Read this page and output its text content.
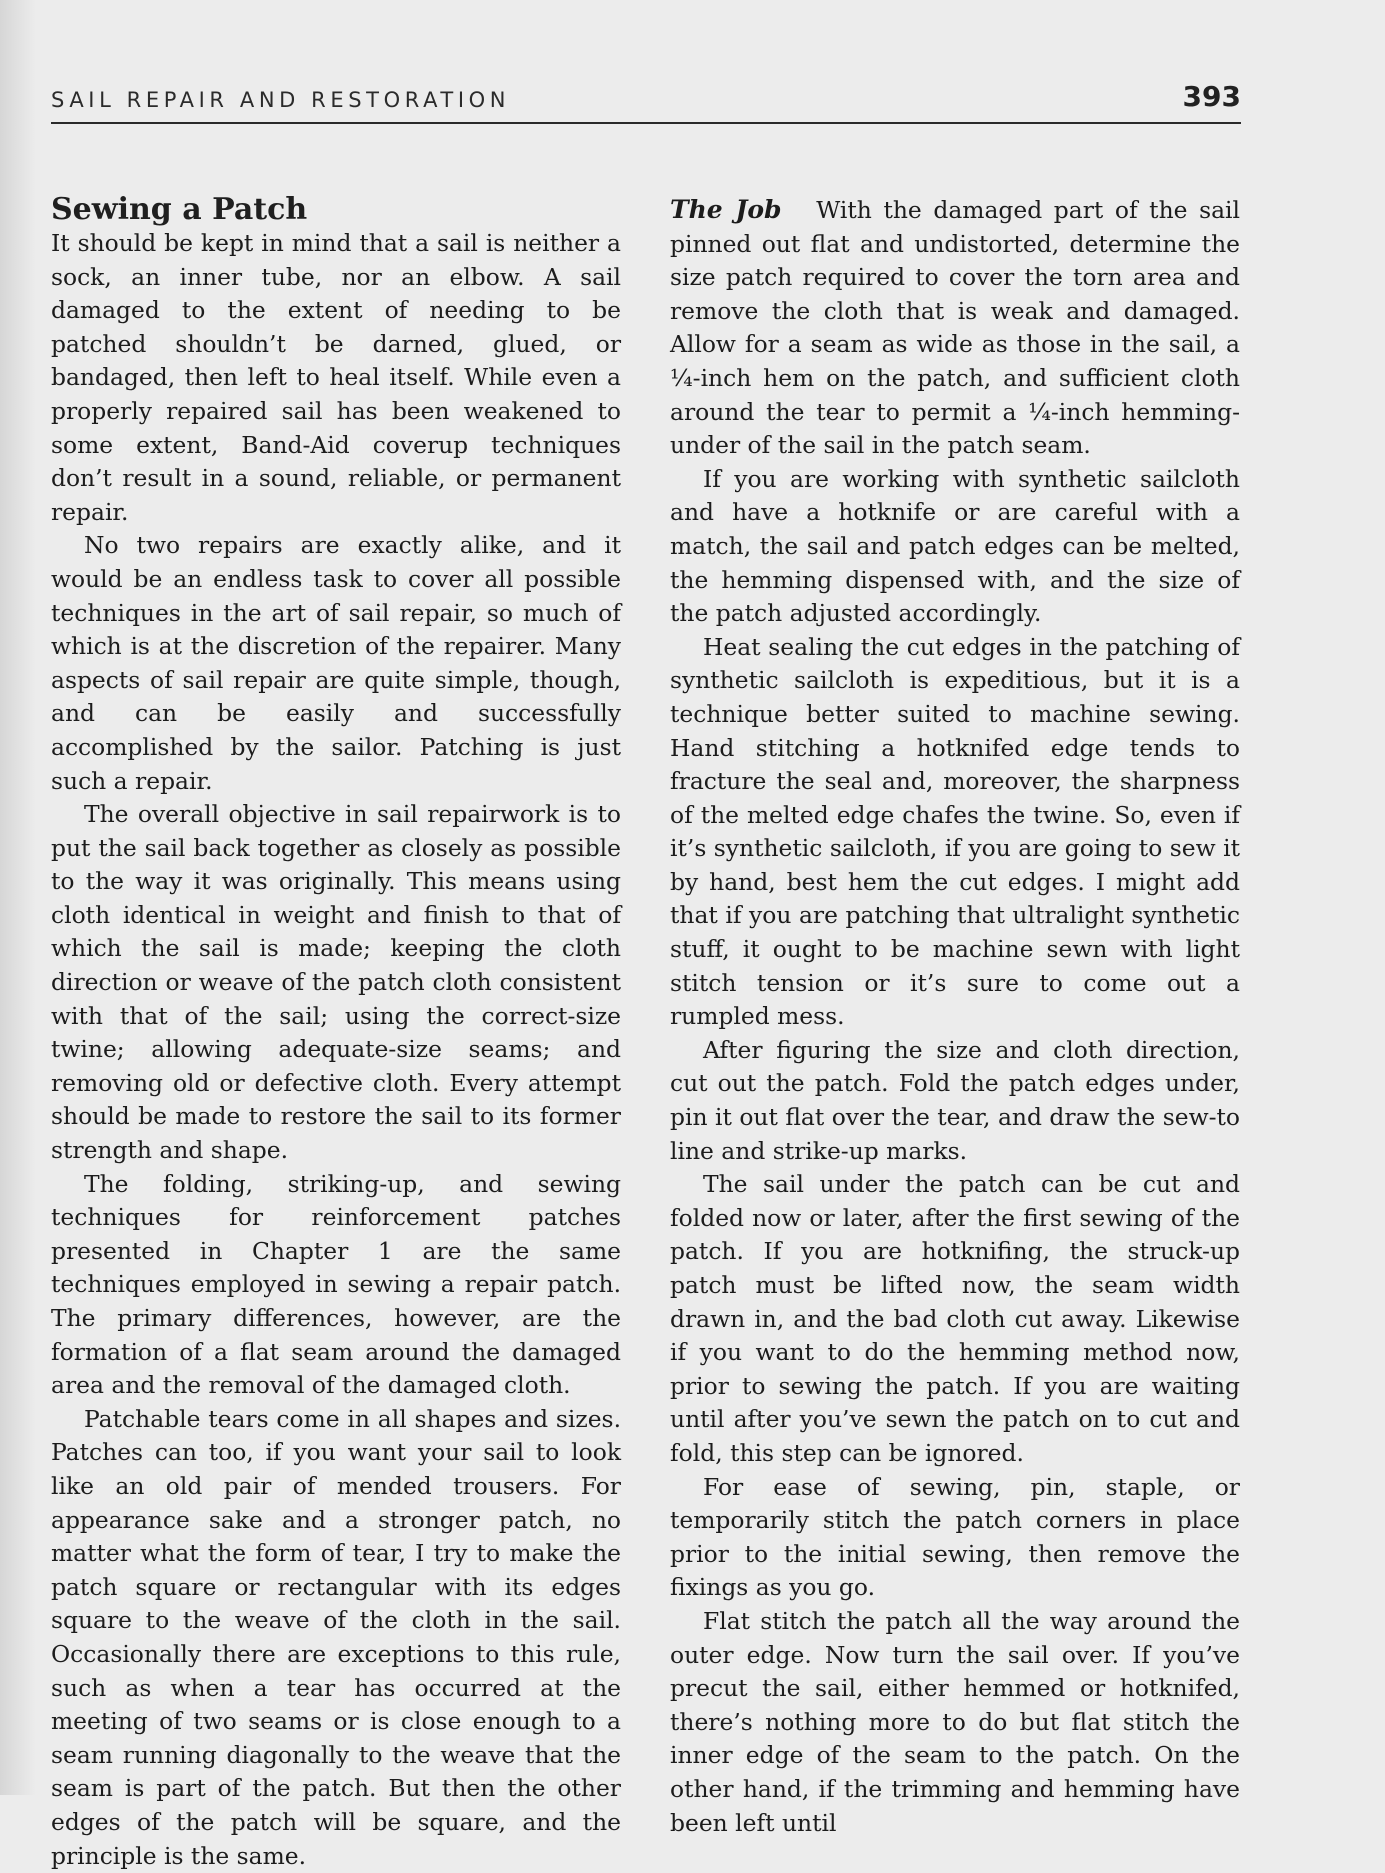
SAIL REPAIR AND RESTORATION	393
Sewing a Patch

It should be kept in mind that a sail is neither a sock, an inner tube, nor an elbow. A sail damaged to the extent of needing to be patched shouldn’t be darned, glued, or bandaged, then left to heal itself. While even a properly repaired sail has been weakened to some extent, Band-Aid coverup techniques don’t result in a sound, reliable, or permanent repair.

No two repairs are exactly alike, and it would be an endless task to cover all possible techniques in the art of sail repair, so much of which is at the discretion of the repairer. Many aspects of sail repair are quite simple, though, and can be easily and successfully accomplished by the sailor. Patching is just such a repair.

The overall objective in sail repairwork is to put the sail back together as closely as possible to the way it was originally. This means using cloth identical in weight and finish to that of which the sail is made; keeping the cloth direction or weave of the patch cloth consistent with that of the sail; using the correct-size twine; allowing adequate-size seams; and removing old or defective cloth. Every attempt should be made to restore the sail to its former strength and shape.

The folding, striking-up, and sewing techniques for reinforcement patches presented in Chapter 1 are the same techniques employed in sewing a repair patch. The primary differences, however, are the formation of a flat seam around the damaged area and the removal of the damaged cloth.

Patchable tears come in all shapes and sizes. Patches can too, if you want your sail to look like an old pair of mended trousers. For appearance sake and a stronger patch, no matter what the form of tear, I try to make the patch square or rectangular with its edges square to the weave of the cloth in the sail. Occasionally there are exceptions to this rule, such as when a tear has occurred at the meeting of two seams or is close enough to a seam running diagonally to the weave that the seam is part of the patch. But then the other edges of the patch will be square, and the principle is the same.

The Job With the damaged part of the sail pinned out flat and undistorted, determine the size patch required to cover the torn area and remove the cloth that is weak and damaged. Allow for a seam as wide as those in the sail, a ¼-inch hem on the patch, and sufficient cloth around the tear to permit a ¼-inch hemming-under of the sail in the patch seam.

If you are working with synthetic sailcloth and have a hotknife or are careful with a match, the sail and patch edges can be melted, the hemming dispensed with, and the size of the patch adjusted accordingly.

Heat sealing the cut edges in the patching of synthetic sailcloth is expeditious, but it is a technique better suited to machine sewing. Hand stitching a hotknifed edge tends to fracture the seal and, moreover, the sharpness of the melted edge chafes the twine. So, even if it’s synthetic sailcloth, if you are going to sew it by hand, best hem the cut edges. I might add that if you are patching that ultralight synthetic stuff, it ought to be machine sewn with light stitch tension or it’s sure to come out a rumpled mess.

After figuring the size and cloth direction, cut out the patch. Fold the patch edges under, pin it out flat over the tear, and draw the sew-to line and strike-up marks.

The sail under the patch can be cut and folded now or later, after the first sewing of the patch. If you are hotknifing, the struck-up patch must be lifted now, the seam width drawn in, and the bad cloth cut away. Likewise if you want to do the hemming method now, prior to sewing the patch. If you are waiting until after you’ve sewn the patch on to cut and fold, this step can be ignored.

For ease of sewing, pin, staple, or temporarily stitch the patch corners in place prior to the initial sewing, then remove the fixings as you go.

Flat stitch the patch all the way around the outer edge. Now turn the sail over. If you’ve precut the sail, either hemmed or hotknifed, there’s nothing more to do but flat stitch the inner edge of the seam to the patch. On the other hand, if the trimming and hemming have been left until
